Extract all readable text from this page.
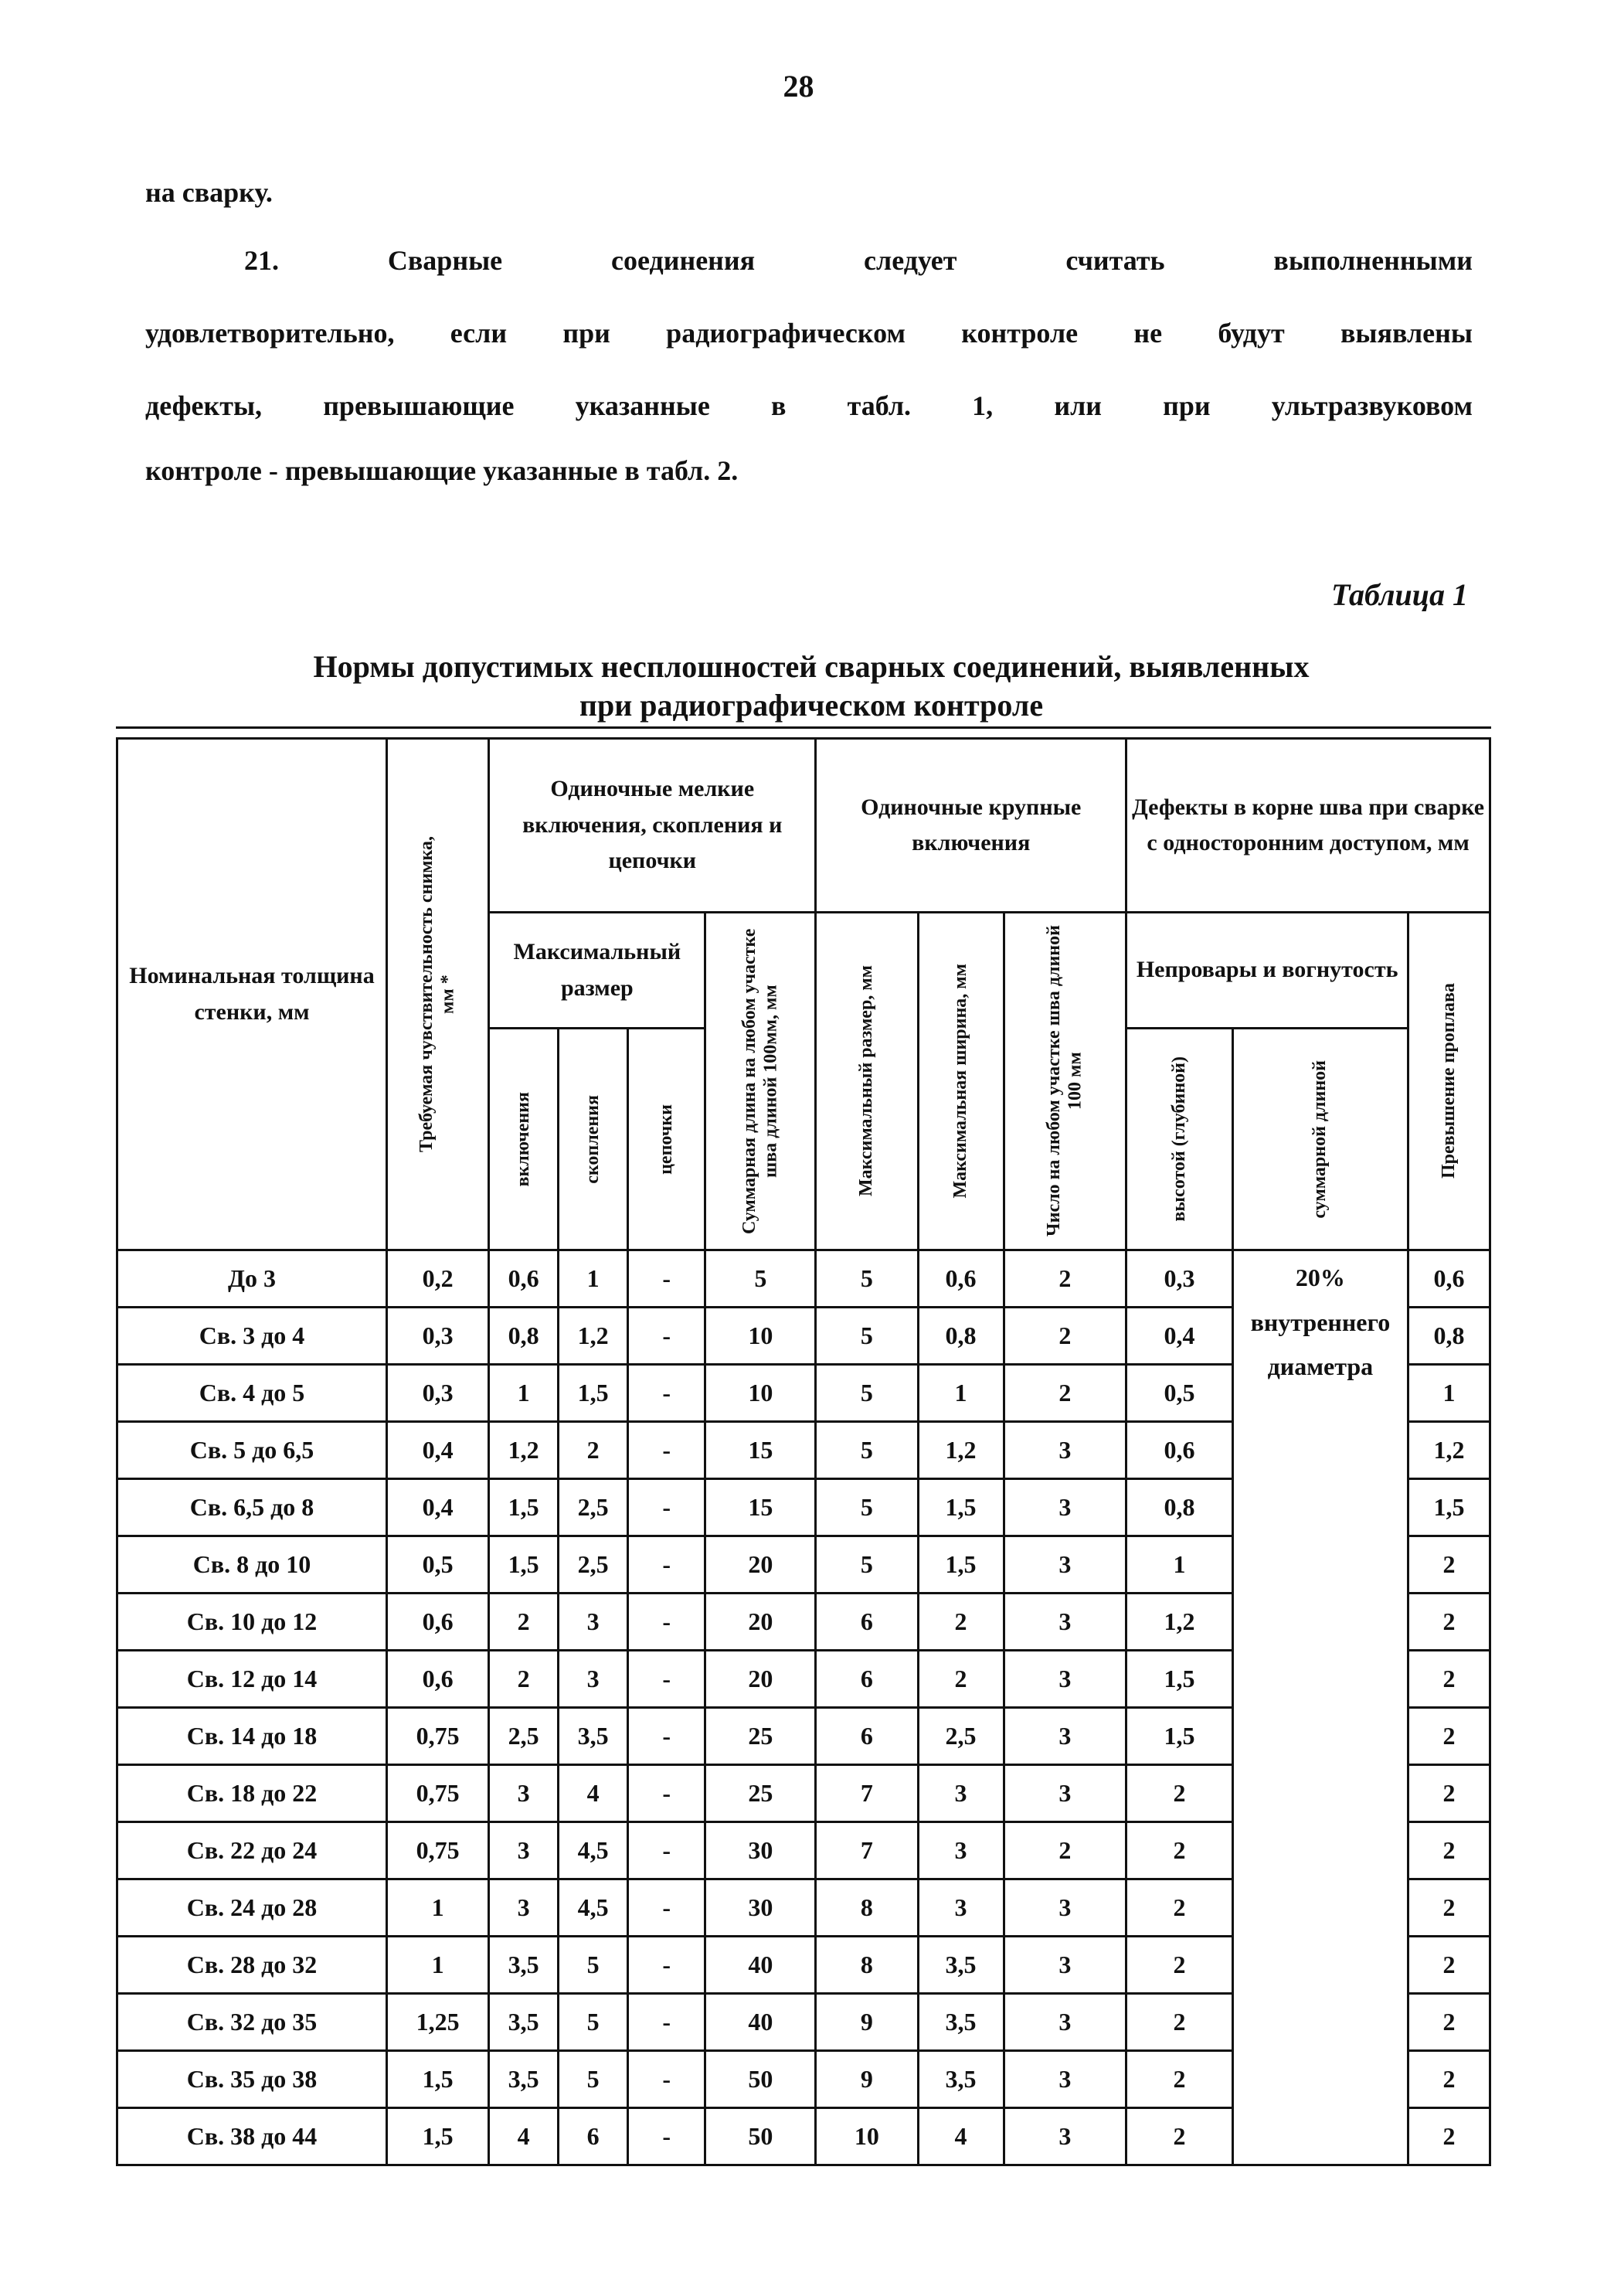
28
на сварку.
21. Сварные соединения следует считать выполненными
удовлетворительно, если при радиографическом контроле не будут выявлены
дефекты, превышающие указанные в табл. 1, или при ультразвуковом
контроле - превышающие указанные в табл. 2.
Таблица 1
Нормы допустимых несплошностей сварных соединений, выявленных
при радиографическом контроле
Номинальная толщина стенки, мм	Требуемая чувствительность снимка, мм *	Одиночные мелкие включения, скопления и цепочки				Одиночные крупные включения			Дефекты в корне шва при сварке с односторонним доступом, мм		
		Максимальный размер			Суммарная длина на любом участке шва длиной 100мм, мм	Максимальный размер, мм	Максимальная ширина, мм	Число на любом участке шва длиной 100 мм	Непровары и вогнутость		Превышение проплава

		включения	скопления	цепочки					высотой (глубиной)	суммарной длиной	

До 3	0,2	0,6	1	-	5	5	0,6	2	0,3	20% внутреннего диаметра	0,6
Св. 3 до 4	0,3	0,8	1,2	-	10	5	0,8	2	0,4		0,8
Св. 4 до 5	0,3	1	1,5	-	10	5	1	2	0,5		1
Св. 5 до 6,5	0,4	1,2	2	-	15	5	1,2	3	0,6		1,2
Св. 6,5 до 8	0,4	1,5	2,5	-	15	5	1,5	3	0,8		1,5
Св. 8 до 10	0,5	1,5	2,5	-	20	5	1,5	3	1		2
Св. 10 до 12	0,6	2	3	-	20	6	2	3	1,2		2
Св. 12 до 14	0,6	2	3	-	20	6	2	3	1,5		2
Св. 14 до 18	0,75	2,5	3,5	-	25	6	2,5	3	1,5		2
Св. 18 до 22	0,75	3	4	-	25	7	3	3	2		2
Св. 22 до 24	0,75	3	4,5	-	30	7	3	2	2		2
Св. 24 до 28	1	3	4,5	-	30	8	3	3	2		2
Св. 28 до 32	1	3,5	5	-	40	8	3,5	3	2		2
Св. 32 до 35	1,25	3,5	5	-	40	9	3,5	3	2		2
Св. 35 до 38	1,5	3,5	5	-	50	9	3,5	3	2		2
Св. 38 до 44	1,5	4	6	-	50	10	4	3	2		2
